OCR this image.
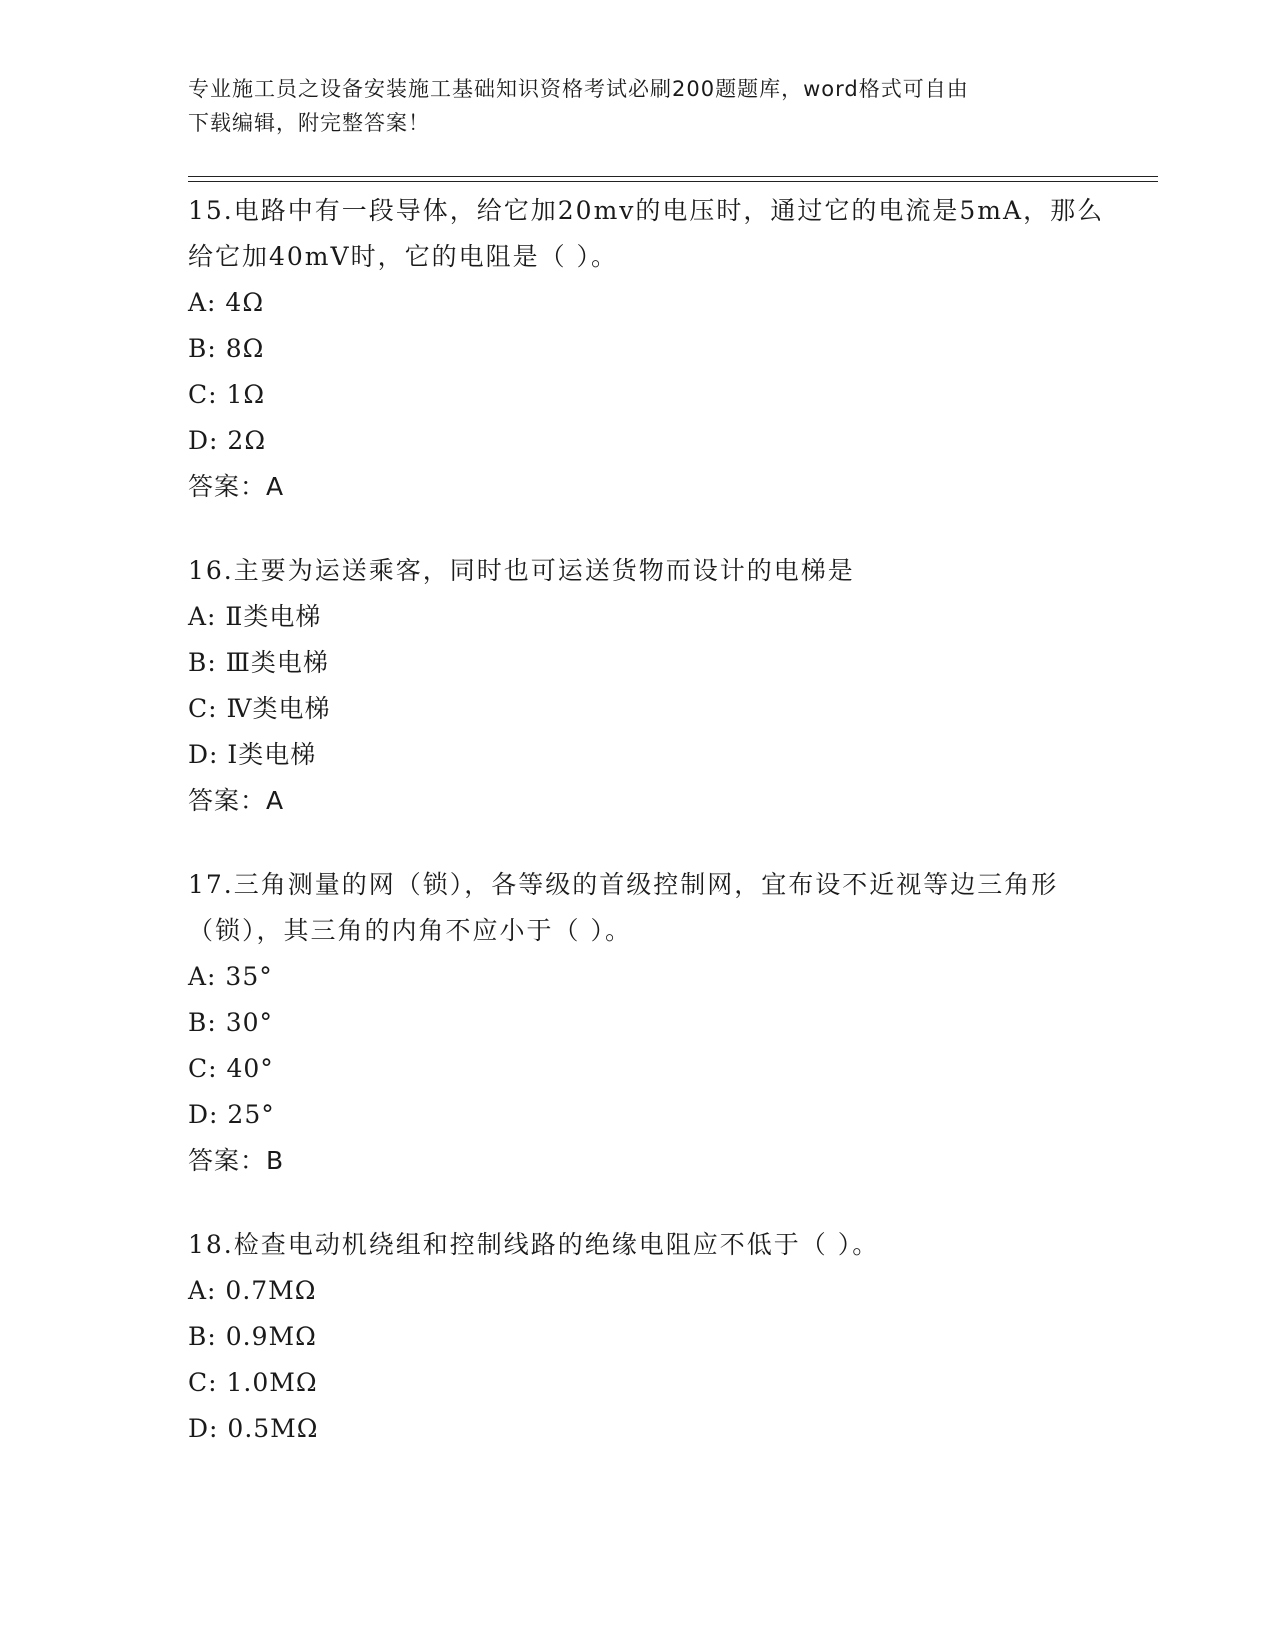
专业施工员之设备安装施工基础知识资格考试必刷200题题库，word格式可自由
下载编辑，附完整答案！

15.电路中有一段导体，给它加20mv的电压时，通过它的电流是5mA，那么给它加40mV时，它的电阻是（ ）。

A: 4Ω

B: 8Ω

C: 1Ω

D: 2Ω

答案：A

16.主要为运送乘客，同时也可运送货物而设计的电梯是

A: Ⅱ类电梯

B: Ⅲ类电梯

C: Ⅳ类电梯

D: Ⅰ类电梯

答案：A

17.三角测量的网（锁），各等级的首级控制网，宜布设不近视等边三角形（锁），其三角的内角不应小于（ ）。

A: 35°

B: 30°

C: 40°

D: 25°

答案：B

18.检查电动机绕组和控制线路的绝缘电阻应不低于（ ）。

A: 0.7MΩ

B: 0.9MΩ

C: 1.0MΩ

D: 0.5MΩ
